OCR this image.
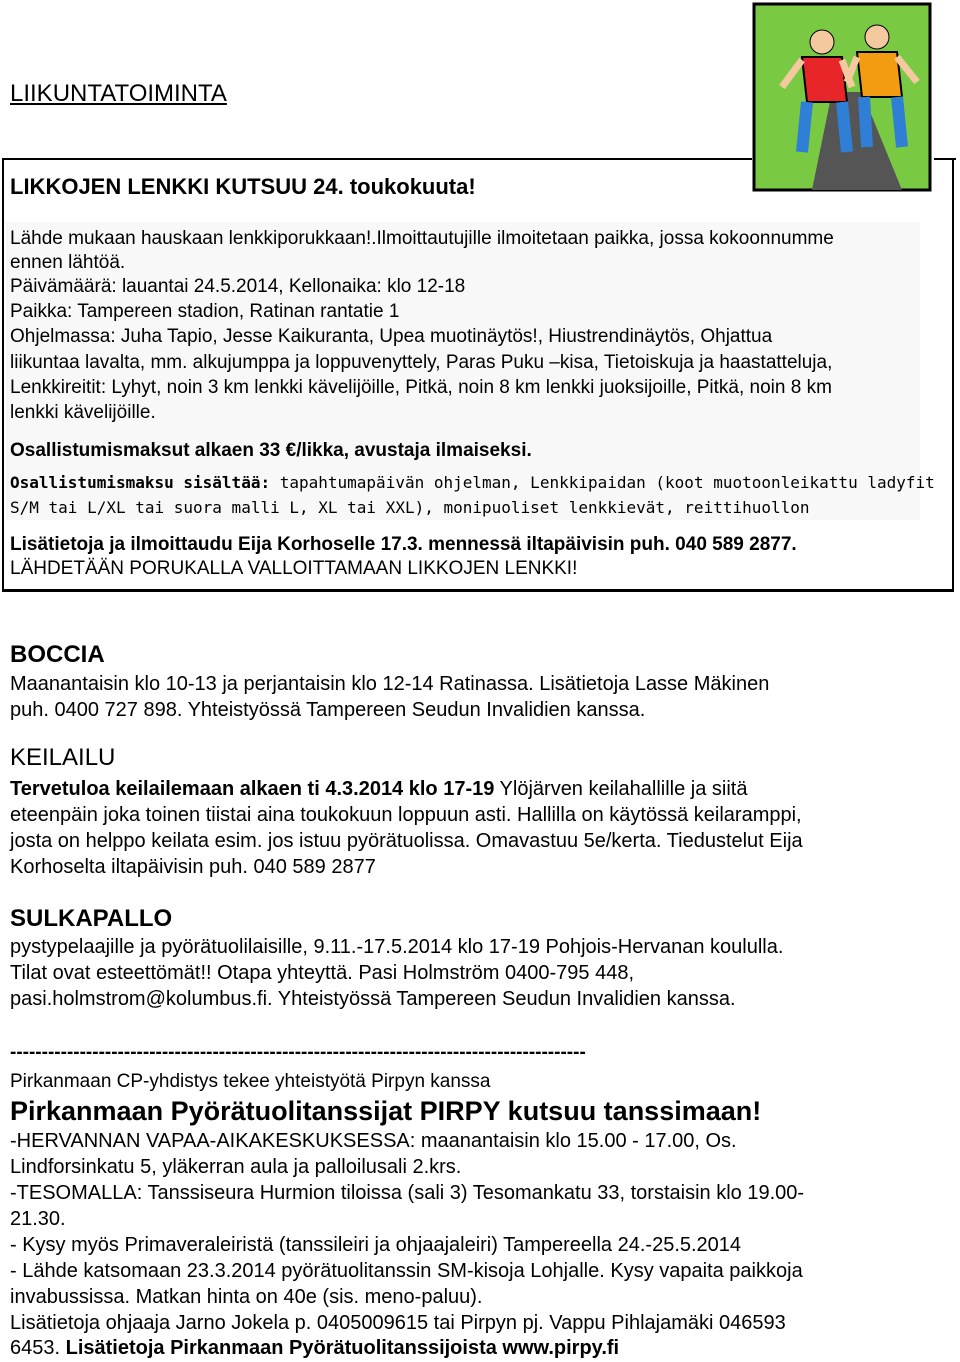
LIIKUNTATOIMINTA
LIKKOJEN LENKKI KUTSUU 24. toukokuuta!
Lähde mukaan hauskaan lenkkiporukkaan!.Ilmoittautujille ilmoitetaan paikka, jossa kokoonnumme
ennen lähtöä.
Päivämäärä: lauantai 24.5.2014, Kellonaika: klo 12-18
Paikka: Tampereen stadion, Ratinan rantatie 1
Ohjelmassa: Juha Tapio, Jesse Kaikuranta, Upea muotinäytös!, Hiustrendinäytös, Ohjattua
liikuntaa lavalta, mm. alkujumppa ja loppuvenyttely, Paras Puku –kisa, Tietoiskuja ja haastatteluja,
Lenkkireitit: Lyhyt, noin 3 km lenkki kävelijöille, Pitkä, noin 8 km lenkki juoksijoille, Pitkä, noin 8 km
lenkki kävelijöille.
Osallistumismaksut alkaen 33 €/likka, avustaja ilmaiseksi.
Osallistumismaksu sisältää: tapahtumapäivän ohjelman, Lenkkipaidan (koot muotoonleikattu ladyfit
S/M tai L/XL tai suora malli L, XL tai XXL), monipuoliset lenkkievät, reittihuollon
Lisätietoja ja ilmoittaudu Eija Korhoselle 17.3. mennessä iltapäivisin puh. 040 589 2877.
LÄHDETÄÄN PORUKALLA VALLOITTAMAAN LIKKOJEN LENKKI!
BOCCIA
Maanantaisin klo 10-13 ja perjantaisin klo 12-14 Ratinassa. Lisätietoja Lasse Mäkinen
puh. 0400 727 898. Yhteistyössä Tampereen Seudun Invalidien kanssa.
KEILAILU
Tervetuloa keilailemaan alkaen ti 4.3.2014 klo 17-19 Ylöjärven keilahallille ja siitä
eteenpäin joka toinen tiistai aina toukokuun loppuun asti. Hallilla on käytössä keilaramppi,
josta on helppo keilata esim. jos istuu pyörätuolissa. Omavastuu 5e/kerta. Tiedustelut Eija
Korhoselta iltapäivisin puh. 040 589 2877
SULKAPALLO
pystypelaajille ja pyörätuolilaisille, 9.11.-17.5.2014 klo 17-19 Pohjois-Hervanan koululla.
Tilat ovat esteettömät!! Otapa yhteyttä. Pasi Holmström 0400-795 448,
pasi.holmstrom@kolumbus.fi. Yhteistyössä Tampereen Seudun Invalidien kanssa.
-------------------------------------------------------------------------------------------
Pirkanmaan CP-yhdistys tekee yhteistyötä Pirpyn kanssa
Pirkanmaan Pyörätuolitanssijat PIRPY kutsuu tanssimaan!
-HERVANNAN VAPAA-AIKAKESKUKSESSA: maanantaisin klo 15.00 - 17.00, Os.
Lindforsinkatu 5, yläkerran aula ja palloilusali 2.krs.
-TESOMALLA: Tanssiseura Hurmion tiloissa (sali 3) Tesomankatu 33, torstaisin klo 19.00-
21.30.
- Kysy myös Primaveraleiristä (tanssileiri ja ohjaajaleiri) Tampereella 24.-25.5.2014
- Lähde katsomaan 23.3.2014 pyörätuolitanssin SM-kisoja Lohjalle. Kysy vapaita paikkoja
invabussissa. Matkan hinta on 40e (sis. meno-paluu).
Lisätietoja ohjaaja Jarno Jokela p. 0405009615 tai Pirpyn pj. Vappu Pihlajamäki 046593
6453. Lisätietoja Pirkanmaan Pyörätuolitanssijoista www.pirpy.fi
